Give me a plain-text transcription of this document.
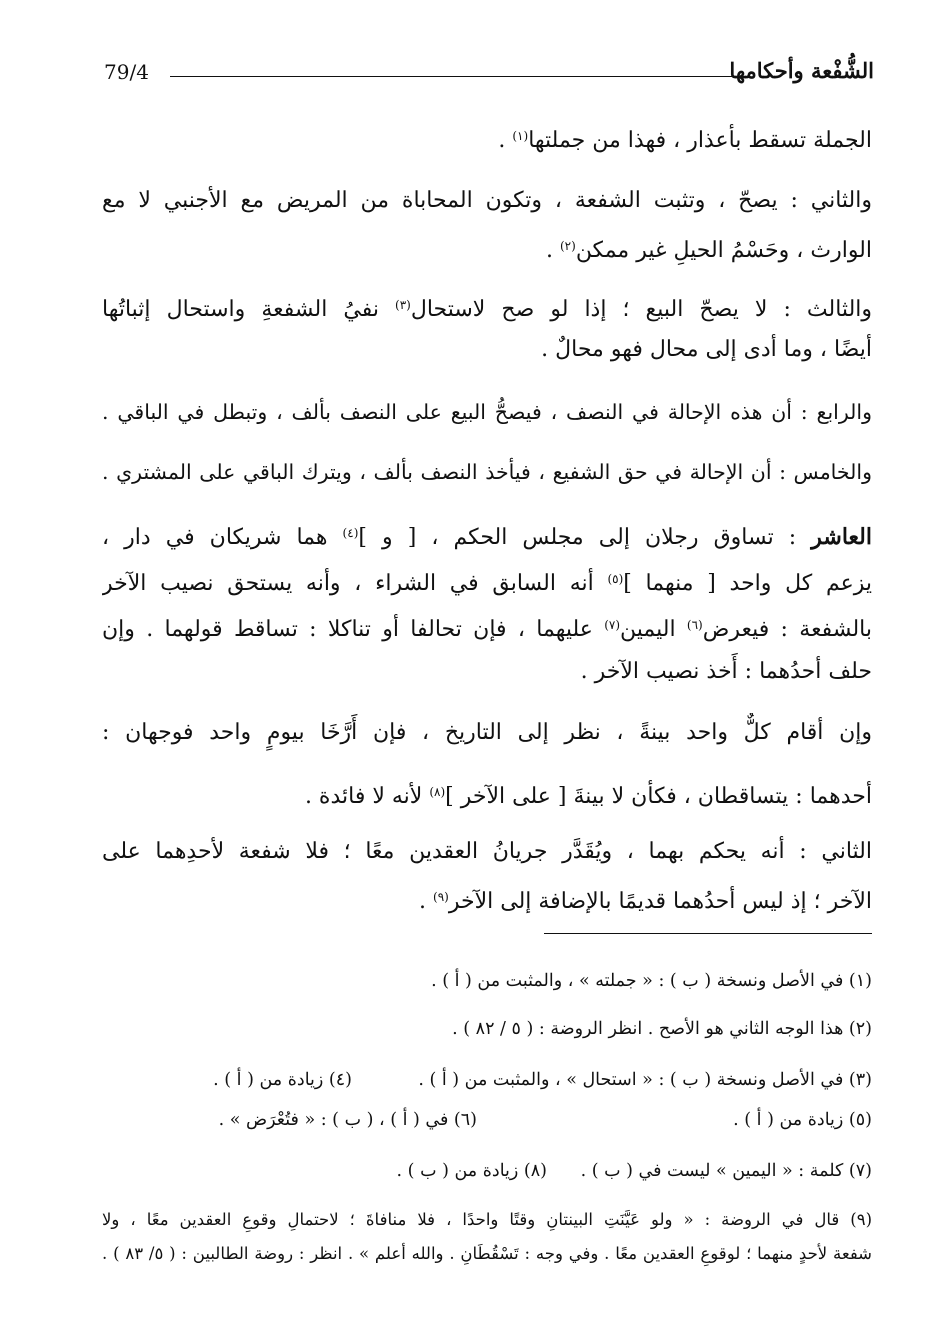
79/4	الشُّفْعة وأحكامها
الجملة تسقط بأعذار ، فهذا من جملتها$^{(١)}$ .
والثاني : يصحّ ، وتثبت الشفعة ، وتكون المحاباة من المريض مع الأجنبي لا مع
الوارث ، وحَسْمُ الحيلِ غير ممكن$^{(٢)}$ .
والثالث : لا يصحّ البيع ؛ إذا لو صح لاستحال$^{(٣)}$ نفيُ الشفعةِ واستحال إثباتُها
أيضًا ، وما أدى إلى محال فهو محالٌ .
والرابع : أن هذه الإحالة في النصف ، فيصحُّ البيع على النصف بألف ، وتبطل في الباقي .
والخامس : أن الإحالة في حق الشفيع ، فيأخذ النصف بألف ، ويترك الباقي على المشتري .
العاشر : تساوق رجلان إلى مجلس الحكم ، [ و ]$^{(٤)}$ هما شريكان في دار ،
يزعم كل واحد [ منهما ]$^{(٥)}$ أنه السابق في الشراء ، وأنه يستحق نصيب الآخر
بالشفعة : فيعرض$^{(٦)}$ اليمين$^{(٧)}$ عليهما ، فإن تحالفا أو تناكلا : تساقط قولهما . وإن
حلف أحدُهما : أَخذ نصيب الآخر .
وإن أقام كلٌّ واحد بينةً ، نظر إلى التاريخ ، فإن أَرَّخَا بيومٍ واحد فوجهان :
أحدهما : يتساقطان ، فكأن لا بينةَ [ على الآخر ]$^{(٨)}$ لأنه لا فائدة .
الثاني : أنه يحكم بهما ، ويُقَدَّر جريانُ العقدين معًا ؛ فلا شفعة لأحدِهما على
الآخر ؛ إذ ليس أحدُهما قديمًا بالإضافة إلى الآخر$^{(٩)}$ .
(١) في الأصل ونسخة ( ب ) : « جملته » ، والمثبت من ( أ ) .
(٢) هذا الوجه الثاني هو الأصح . انظر الروضة : ( ٥ / ٨٢ ) .
(٣) في الأصل ونسخة ( ب ) : « استحال » ، والمثبت من ( أ ) .
(٤) زيادة من ( أ ) .
(٥) زيادة من ( أ ) .
(٦) في ( أ ) ، ( ب ) : « فتُعْرَض » .
(٧) كلمة : « اليمين » ليست في ( ب ) .
(٨) زيادة من ( ب ) .
(٩) قال في الروضة : « ولو عَيَّنَتِ البينتانِ وقتًا واحدًا ، فلا منافاةَ ؛ لاحتمالِ وقوعِ العقدين معًا ، ولا
شفعة لأحدٍ منهما ؛ لوقوعِ العقدين معًا . وفي وجه : تَسْقُطَانِ . والله أعلم » . انظر : روضة الطالبين : ( ٥/ ٨٣ ) .
